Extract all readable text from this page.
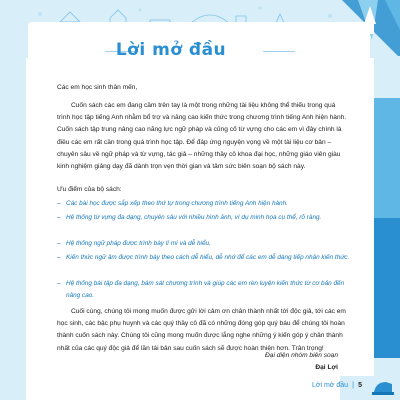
Lời mở đầu
Các em học sinh thân mến,

Cuốn sách các em đang cầm trên tay là một trong những tài liệu không thể thiếu trong quá trình học tập tiếng Anh nhằm bổ trợ và nâng cao kiến thức trong chương trình tiếng Anh hiện hành. Cuốn sách tập trung nâng cao năng lực ngữ pháp và củng cố từ vựng cho các em vì đây chính là điều các em rất cần trong quá trình học tập. Để đáp ứng nguyện vọng về một tài liệu cơ bản – chuyên sâu về ngữ pháp và từ vựng, tác giả – những thầy cô khoa đại học, những giáo viên giàu kinh nghiệm giảng dạy đã dành trọn vẹn thời gian và tâm sức biên soạn bộ sách này.

Ưu điểm của bộ sách:
– Các bài học được sắp xếp theo thứ tự trong chương trình tiếng Anh hiện hành.
– Hệ thống từ vựng đa dạng, chuyên sâu với nhiều hình ảnh, ví dụ minh họa cụ thể, rõ ràng.
– Hệ thống ngữ pháp được trình bày lí mí và dễ hiểu.
– Kiến thức ngữ âm được trình bày theo cách dễ hiểu, dễ nhớ để các em dễ dàng tiếp nhận kiến thức.
– Hệ thống bài tập đa dạng, bám sát chương trình và giúp các em rèn luyện kiến thức từ cơ bản đến nâng cao.

Cuối cùng, chúng tôi mong muốn được gửi lời cảm ơn chân thành nhất tới độc giả, tới các em học sinh, các bậc phụ huynh và các quý thầy cô đã có những đóng góp quý báu để chúng tôi hoàn thành cuốn sách này. Chúng tôi cũng mong muốn được lắng nghe những ý kiến góp ý chân thành nhất của các quý độc giả để lần tái bản sau cuốn sách sẽ được hoàn thiện hơn. Trân trọng!

Đại diện nhóm biên soạn
Đại Lợi
Lời mở đầu | 5
